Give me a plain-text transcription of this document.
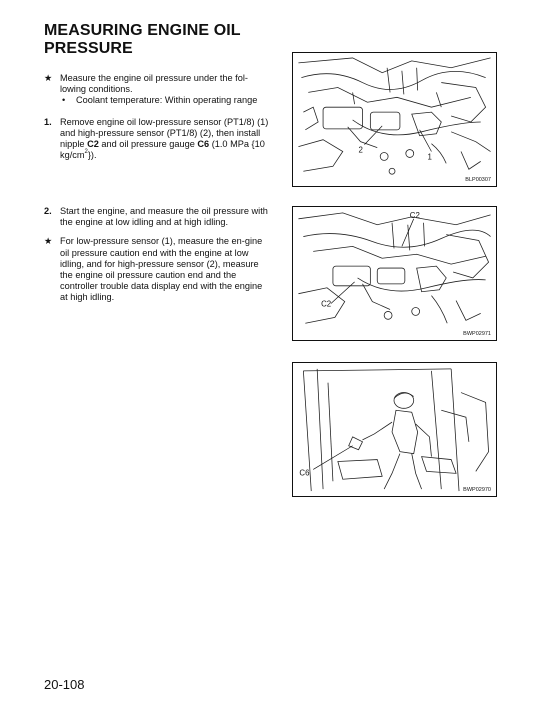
MEASURING ENGINE OIL PRESSURE
★ Measure the engine oil pressure under the fol-lowing conditions.
• Coolant temperature: Within operating range
1. Remove engine oil low-pressure sensor (PT1/8) (1) and high-pressure sensor (PT1/8) (2), then install nipple C2 and oil pressure gauge C6 (1.0 MPa {10 $kg/cm^2$}).
2. Start the engine, and measure the oil pressure with the engine at low idling and at high idling.
★ For low-pressure sensor (1), measure the en-gine oil pressure caution end with the engine at low idling, and for high-pressure sensor (2), measure the engine oil pressure caution end and the controller trouble data display end with the engine at high idling.
2
1
BLP00307
C2
C2
BWP02971
C6
BWP02970
20-108
